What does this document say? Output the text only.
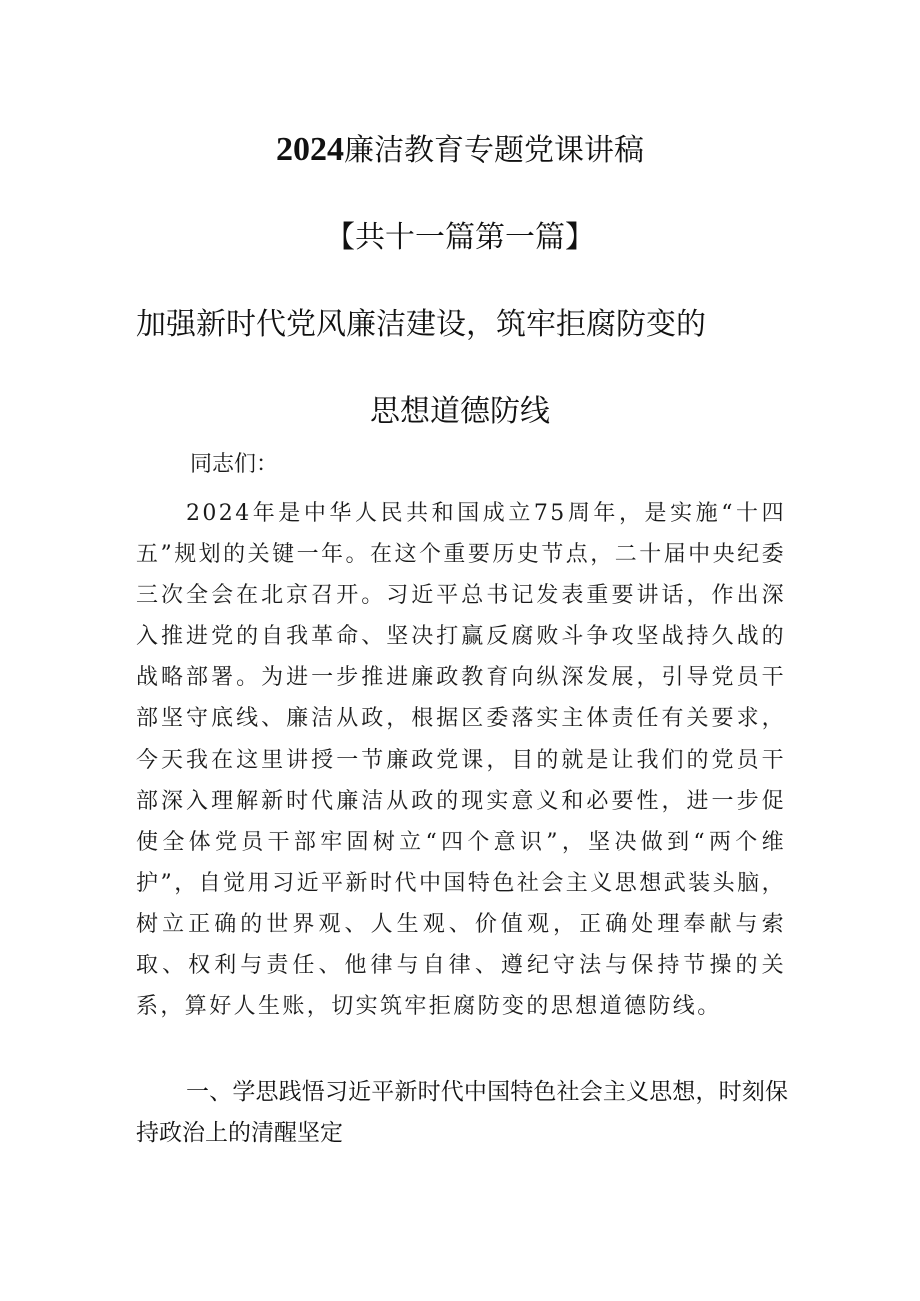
2024廉洁教育专题党课讲稿
【共十一篇第一篇】
加强新时代党风廉洁建设，筑牢拒腐防变的
思想道德防线
同志们：
2024年是中华人民共和国成立75周年，是实施“十四五”规划的关键一年。在这个重要历史节点，二十届中央纪委三次全会在北京召开。习近平总书记发表重要讲话，作出深入推进党的自我革命、坚决打赢反腐败斗争攻坚战持久战的战略部署。为进一步推进廉政教育向纵深发展，引导党员干部坚守底线、廉洁从政，根据区委落实主体责任有关要求，今天我在这里讲授一节廉政党课，目的就是让我们的党员干部深入理解新时代廉洁从政的现实意义和必要性，进一步促使全体党员干部牢固树立“四个意识”，坚决做到“两个维护”，自觉用习近平新时代中国特色社会主义思想武装头脑，树立正确的世界观、人生观、价值观，正确处理奉献与索取、权利与责任、他律与自律、遵纪守法与保持节操的关系，算好人生账，切实筑牢拒腐防变的思想道德防线。
一、学思践悟习近平新时代中国特色社会主义思想，时刻保持政治上的清醒坚定
